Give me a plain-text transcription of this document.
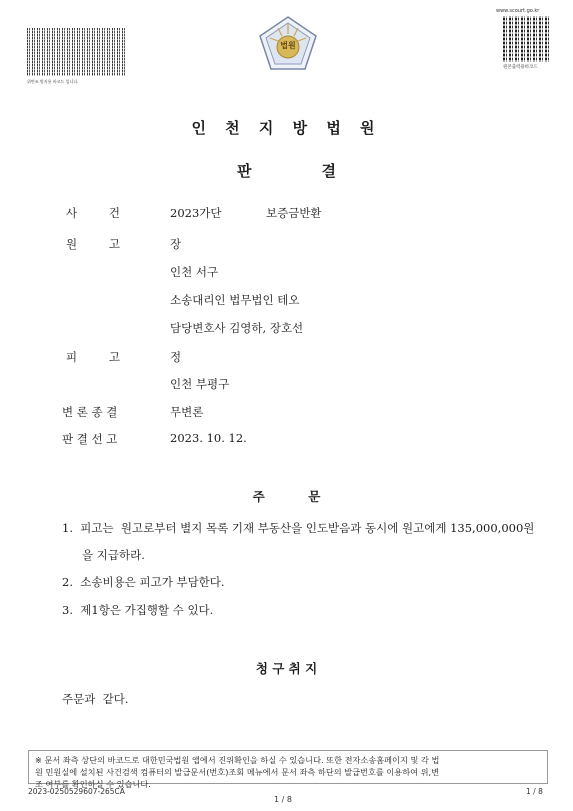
위변조 방지용 바코드 입니다.
법원
www.scourt.go.kr
원본출력용바코드
인 천 지 방 법 원
판	결
사	건	2023가단	보증금반환
원	고	장
인천 서구
소송대리인 법무법인 테오
담당변호사 김영하, 장호선
피	고	정
인천 부평구
변 론 종 결	무변론
판 결 선 고	2023. 10. 12.
주          문
1.  피고는  원고로부터 별지 목록 기재 부동산을 인도받음과 동시에 원고에게 135,000,000원
을 지급하라.
2.  소송비용은 피고가 부담한다.
3.  제1항은 가집행할 수 있다.
청 구 취 지
주문과  같다.
※ 문서 좌측 상단의 바코드로 대한민국법원 앱에서 진위확인을 하실 수 있습니다. 또한 전자소송홈페이지 및 각 법
원 민원실에 설치된 사건검색 컴퓨터의 발급문서(번호)조회 메뉴에서 문서 좌측 하단의 발급번호를 이용하여 위,변
조 여부를 확인하실 수 있습니다.
2023-0250529607-265CA
1 / 8
1 / 8
